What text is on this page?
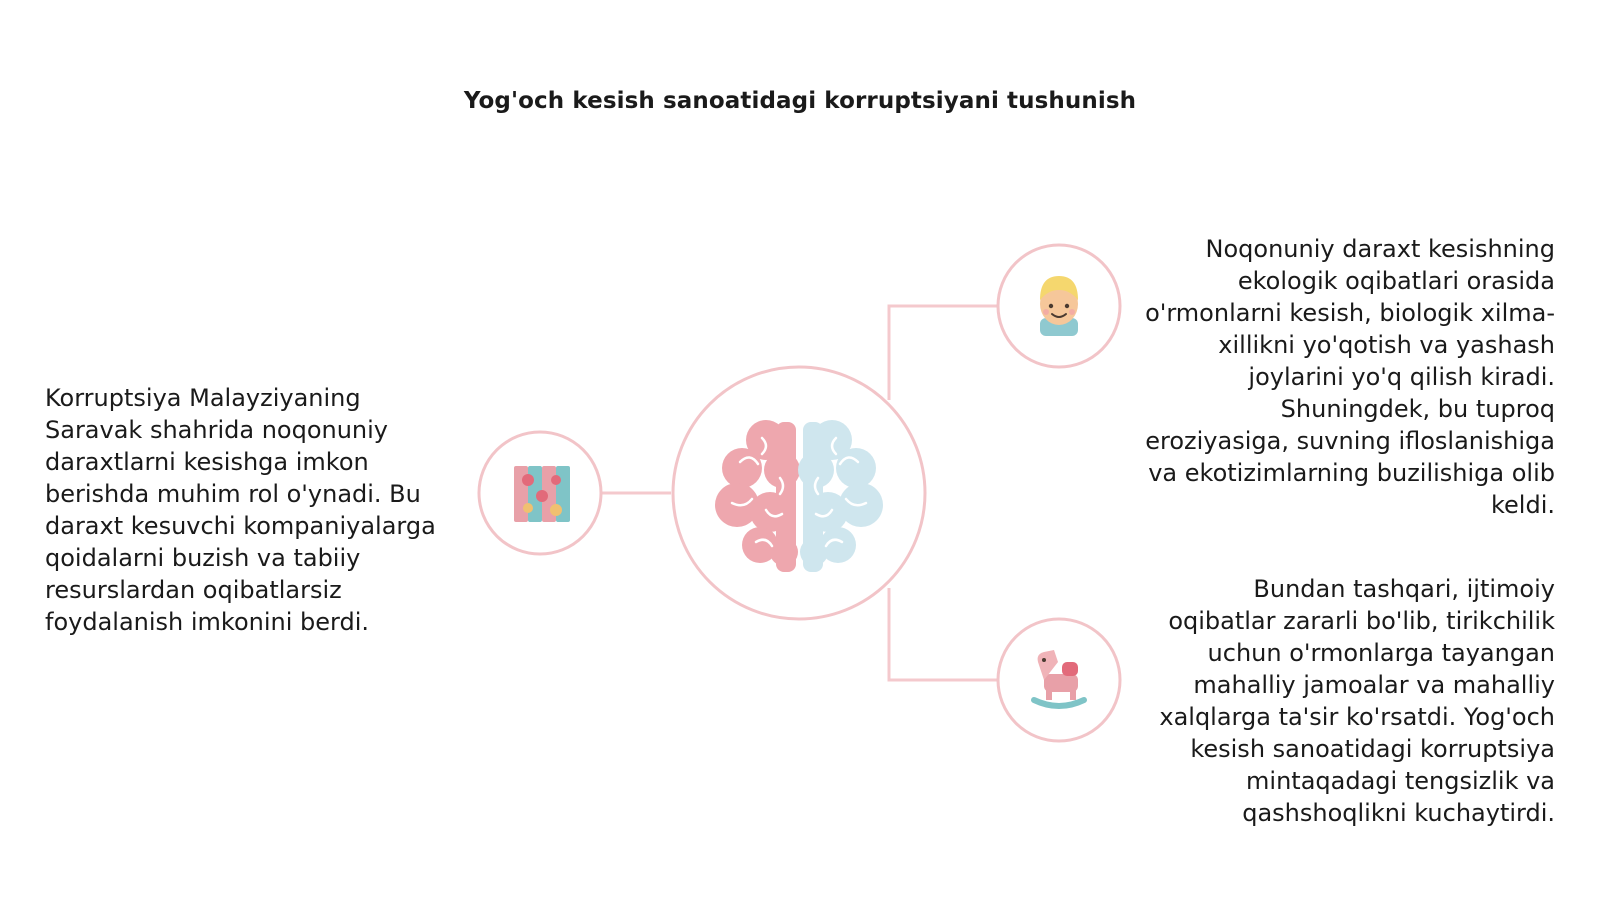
Yog'och kesish sanoatidagi korruptsiyani tushunish

Korruptsiya Malayziyaning Saravak shahrida noqonuniy daraxtlarni kesishga imkon berishda muhim rol o'ynadi. Bu daraxt kesuvchi kompaniyalarga qoidalarni buzish va tabiiy resurslardan oqibatlarsiz foydalanish imkonini berdi.

Noqonuniy daraxt kesishning ekologik oqibatlari orasida o'rmonlarni kesish, biologik xilma-xillikni yo'qotish va yashash joylarini yo'q qilish kiradi. Shuningdek, bu tuproq eroziyasiga, suvning ifloslanishiga va ekotizimlarning buzilishiga olib keldi.

Bundan tashqari, ijtimoiy oqibatlar zararli bo'lib, tirikchilik uchun o'rmonlarga tayangan mahalliy jamoalar va mahalliy xalqlarga ta'sir ko'rsatdi. Yog'och kesish sanoatidagi korruptsiya mintaqadagi tengsizlik va qashshoqlikni kuchaytirdi.
